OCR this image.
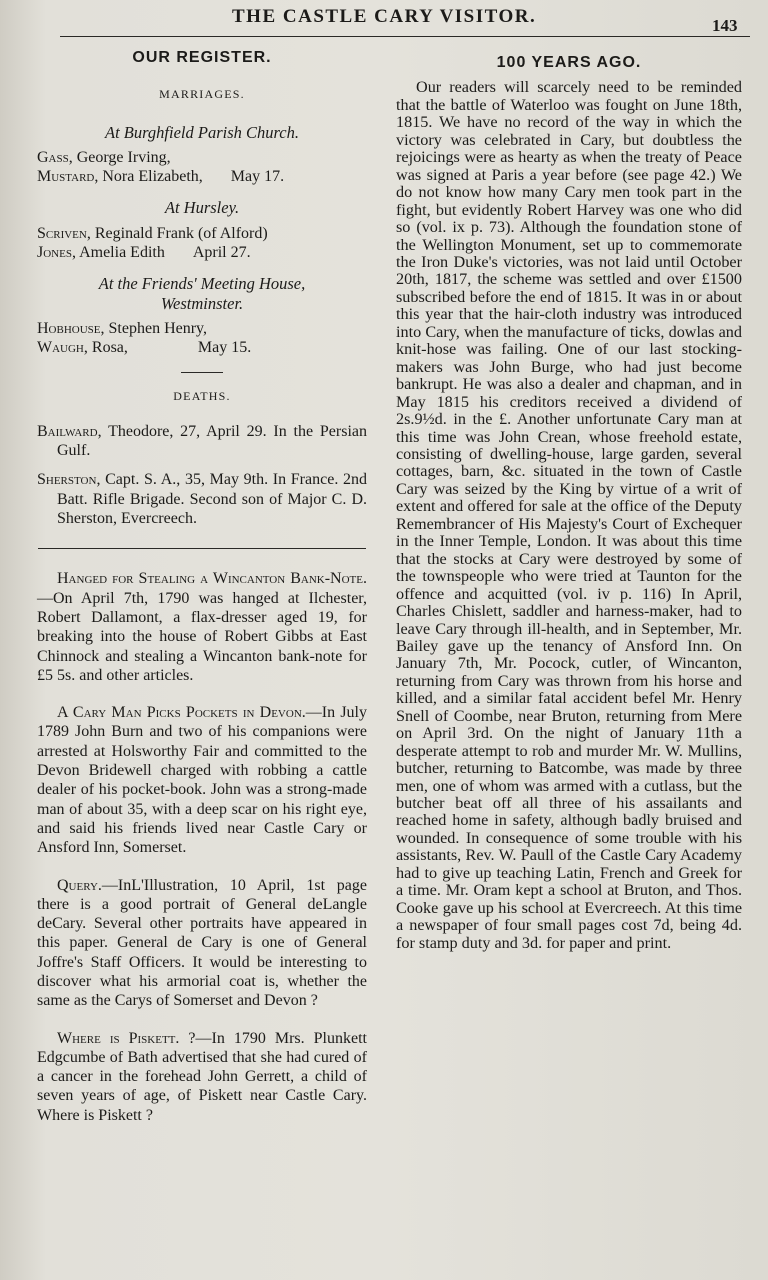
THE CASTLE CARY VISITOR.	143
OUR REGISTER.

MARRIAGES.

At Burghfield Parish Church.

Gass, George Irving,

Mustard, Nora Elizabeth, May 17.

At Hursley.

Scriven, Reginald Frank (of Alford)

Jones, Amelia Edith April 27.

At the Friends' Meeting House,

Westminster.

Hobhouse, Stephen Henry,

Waugh, Rosa,	May 15.

DEATHS.

Bailward, Theodore, 27, April 29. In the Persian Gulf.

Sherston, Capt. S. A., 35, May 9th. In France. 2nd Batt. Rifle Brigade. Second son of Major C. D. Sherston, Evercreech.

Hanged for Stealing a Wincanton Bank-Note.—On April 7th, 1790 was hanged at Ilchester, Robert Dallamont, a flax-dresser aged 19, for breaking into the house of Robert Gibbs at East Chinnock and stealing a Wincanton bank-note for £5 5s. and other articles.

A Cary Man Picks Pockets in Devon.—In July 1789 John Burn and two of his companions were arrested at Holsworthy Fair and committed to the Devon Bridewell charged with robbing a cattle dealer of his pocket-book. John was a strong-made man of about 35, with a deep scar on his right eye, and said his friends lived near Castle Cary or Ansford Inn, Somerset.

Query.—InL'Illustration, 10 April, 1st page there is a good portrait of General deLangle deCary. Several other portraits have appeared in this paper. General de Cary is one of General Joffre's Staff Officers. It would be interesting to discover what his armorial coat is, whether the same as the Carys of Somerset and Devon ?

Where is Piskett. ?—In 1790 Mrs. Plunkett Edgcumbe of Bath advertised that she had cured of a cancer in the forehead John Gerrett, a child of seven years of age, of Piskett near Castle Cary. Where is Piskett ?

100 YEARS AGO.

Our readers will scarcely need to be reminded that the battle of Waterloo was fought on June 18th, 1815. We have no record of the way in which the victory was celebrated in Cary, but doubtless the rejoicings were as hearty as when the treaty of Peace was signed at Paris a year before (see page 42.) We do not know how many Cary men took part in the fight, but evidently Robert Harvey was one who did so (vol. ix p. 73). Although the foundation stone of the Wellington Monument, set up to commemorate the Iron Duke's victories, was not laid until October 20th, 1817, the scheme was settled and over £1500 subscribed before the end of 1815. It was in or about this year that the hair-cloth industry was introduced into Cary, when the manufacture of ticks, dowlas and knit-hose was failing. One of our last stocking-makers was John Burge, who had just become bankrupt. He was also a dealer and chapman, and in May 1815 his creditors received a dividend of 2s.9½d. in the £. Another unfortunate Cary man at this time was John Crean, whose freehold estate, consisting of dwelling-house, large garden, several cottages, barn, &c. situated in the town of Castle Cary was seized by the King by virtue of a writ of extent and offered for sale at the office of the Deputy Remembrancer of His Majesty's Court of Exchequer in the Inner Temple, London. It was about this time that the stocks at Cary were destroyed by some of the townspeople who were tried at Taunton for the offence and acquitted (vol. iv p. 116) In April, Charles Chislett, saddler and harness-maker, had to leave Cary through ill-health, and in September, Mr. Bailey gave up the tenancy of Ansford Inn. On January 7th, Mr. Pocock, cutler, of Wincanton, returning from Cary was thrown from his horse and killed, and a similar fatal accident befel Mr. Henry Snell of Coombe, near Bruton, returning from Mere on April 3rd. On the night of January 11th a desperate attempt to rob and murder Mr. W. Mullins, butcher, returning to Batcombe, was made by three men, one of whom was armed with a cutlass, but the butcher beat off all three of his assailants and reached home in safety, although badly bruised and wounded. In consequence of some trouble with his assistants, Rev. W. Paull of the Castle Cary Academy had to give up teaching Latin, French and Greek for a time. Mr. Oram kept a school at Bruton, and Thos. Cooke gave up his school at Evercreech. At this time a newspaper of four small pages cost 7d, being 4d. for stamp duty and 3d. for paper and print.
